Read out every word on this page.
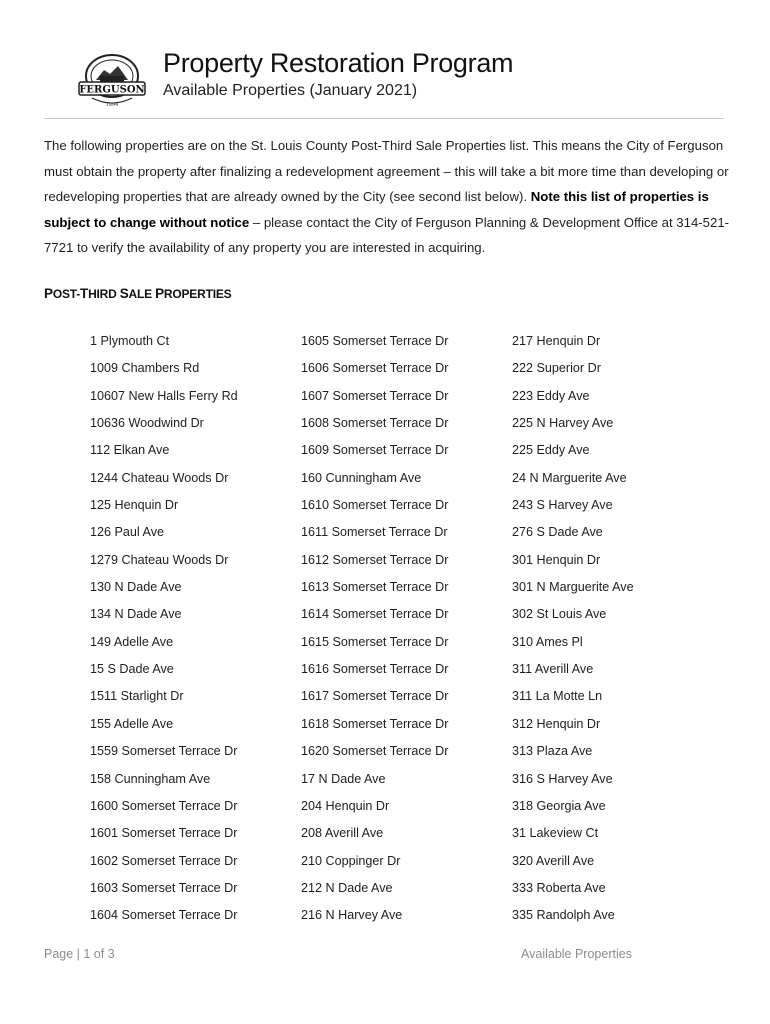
FERGUSON
1894
Property Restoration Program
Available Properties (January 2021)
The following properties are on the St. Louis County Post-Third Sale Properties list. This means the City of Ferguson must obtain the property after finalizing a redevelopment agreement – this will take a bit more time than developing or redeveloping properties that are already owned by the City (see second list below). Note this list of properties is subject to change without notice – please contact the City of Ferguson Planning & Development Office at 314-521-7721 to verify the availability of any property you are interested in acquiring.
POST-THIRD SALE PROPERTIES
1 Plymouth Ct
1009 Chambers Rd
10607 New Halls Ferry Rd
10636 Woodwind Dr
112 Elkan Ave
1244 Chateau Woods Dr
125 Henquin Dr
126 Paul Ave
1279 Chateau Woods Dr
130 N Dade Ave
134 N Dade Ave
149 Adelle Ave
15 S Dade Ave
1511 Starlight Dr
155 Adelle Ave
1559 Somerset Terrace Dr
158 Cunningham Ave
1600 Somerset Terrace Dr
1601 Somerset Terrace Dr
1602 Somerset Terrace Dr
1603 Somerset Terrace Dr
1604 Somerset Terrace Dr
1605 Somerset Terrace Dr
1606 Somerset Terrace Dr
1607 Somerset Terrace Dr
1608 Somerset Terrace Dr
1609 Somerset Terrace Dr
160 Cunningham Ave
1610 Somerset Terrace Dr
1611 Somerset Terrace Dr
1612 Somerset Terrace Dr
1613 Somerset Terrace Dr
1614 Somerset Terrace Dr
1615 Somerset Terrace Dr
1616 Somerset Terrace Dr
1617 Somerset Terrace Dr
1618 Somerset Terrace Dr
1620 Somerset Terrace Dr
17 N Dade Ave
204 Henquin Dr
208 Averill Ave
210 Coppinger Dr
212 N Dade Ave
216 N Harvey Ave
217 Henquin Dr
222 Superior Dr
223 Eddy Ave
225 N Harvey Ave
225 Eddy Ave
24 N Marguerite Ave
243 S Harvey Ave
276 S Dade Ave
301 Henquin Dr
301 N Marguerite Ave
302 St Louis Ave
310 Ames Pl
311 Averill Ave
311 La Motte Ln
312 Henquin Dr
313 Plaza Ave
316 S Harvey Ave
318 Georgia Ave
31 Lakeview Ct
320 Averill Ave
333 Roberta Ave
335 Randolph Ave
Page | 1 of 3	Available Properties
